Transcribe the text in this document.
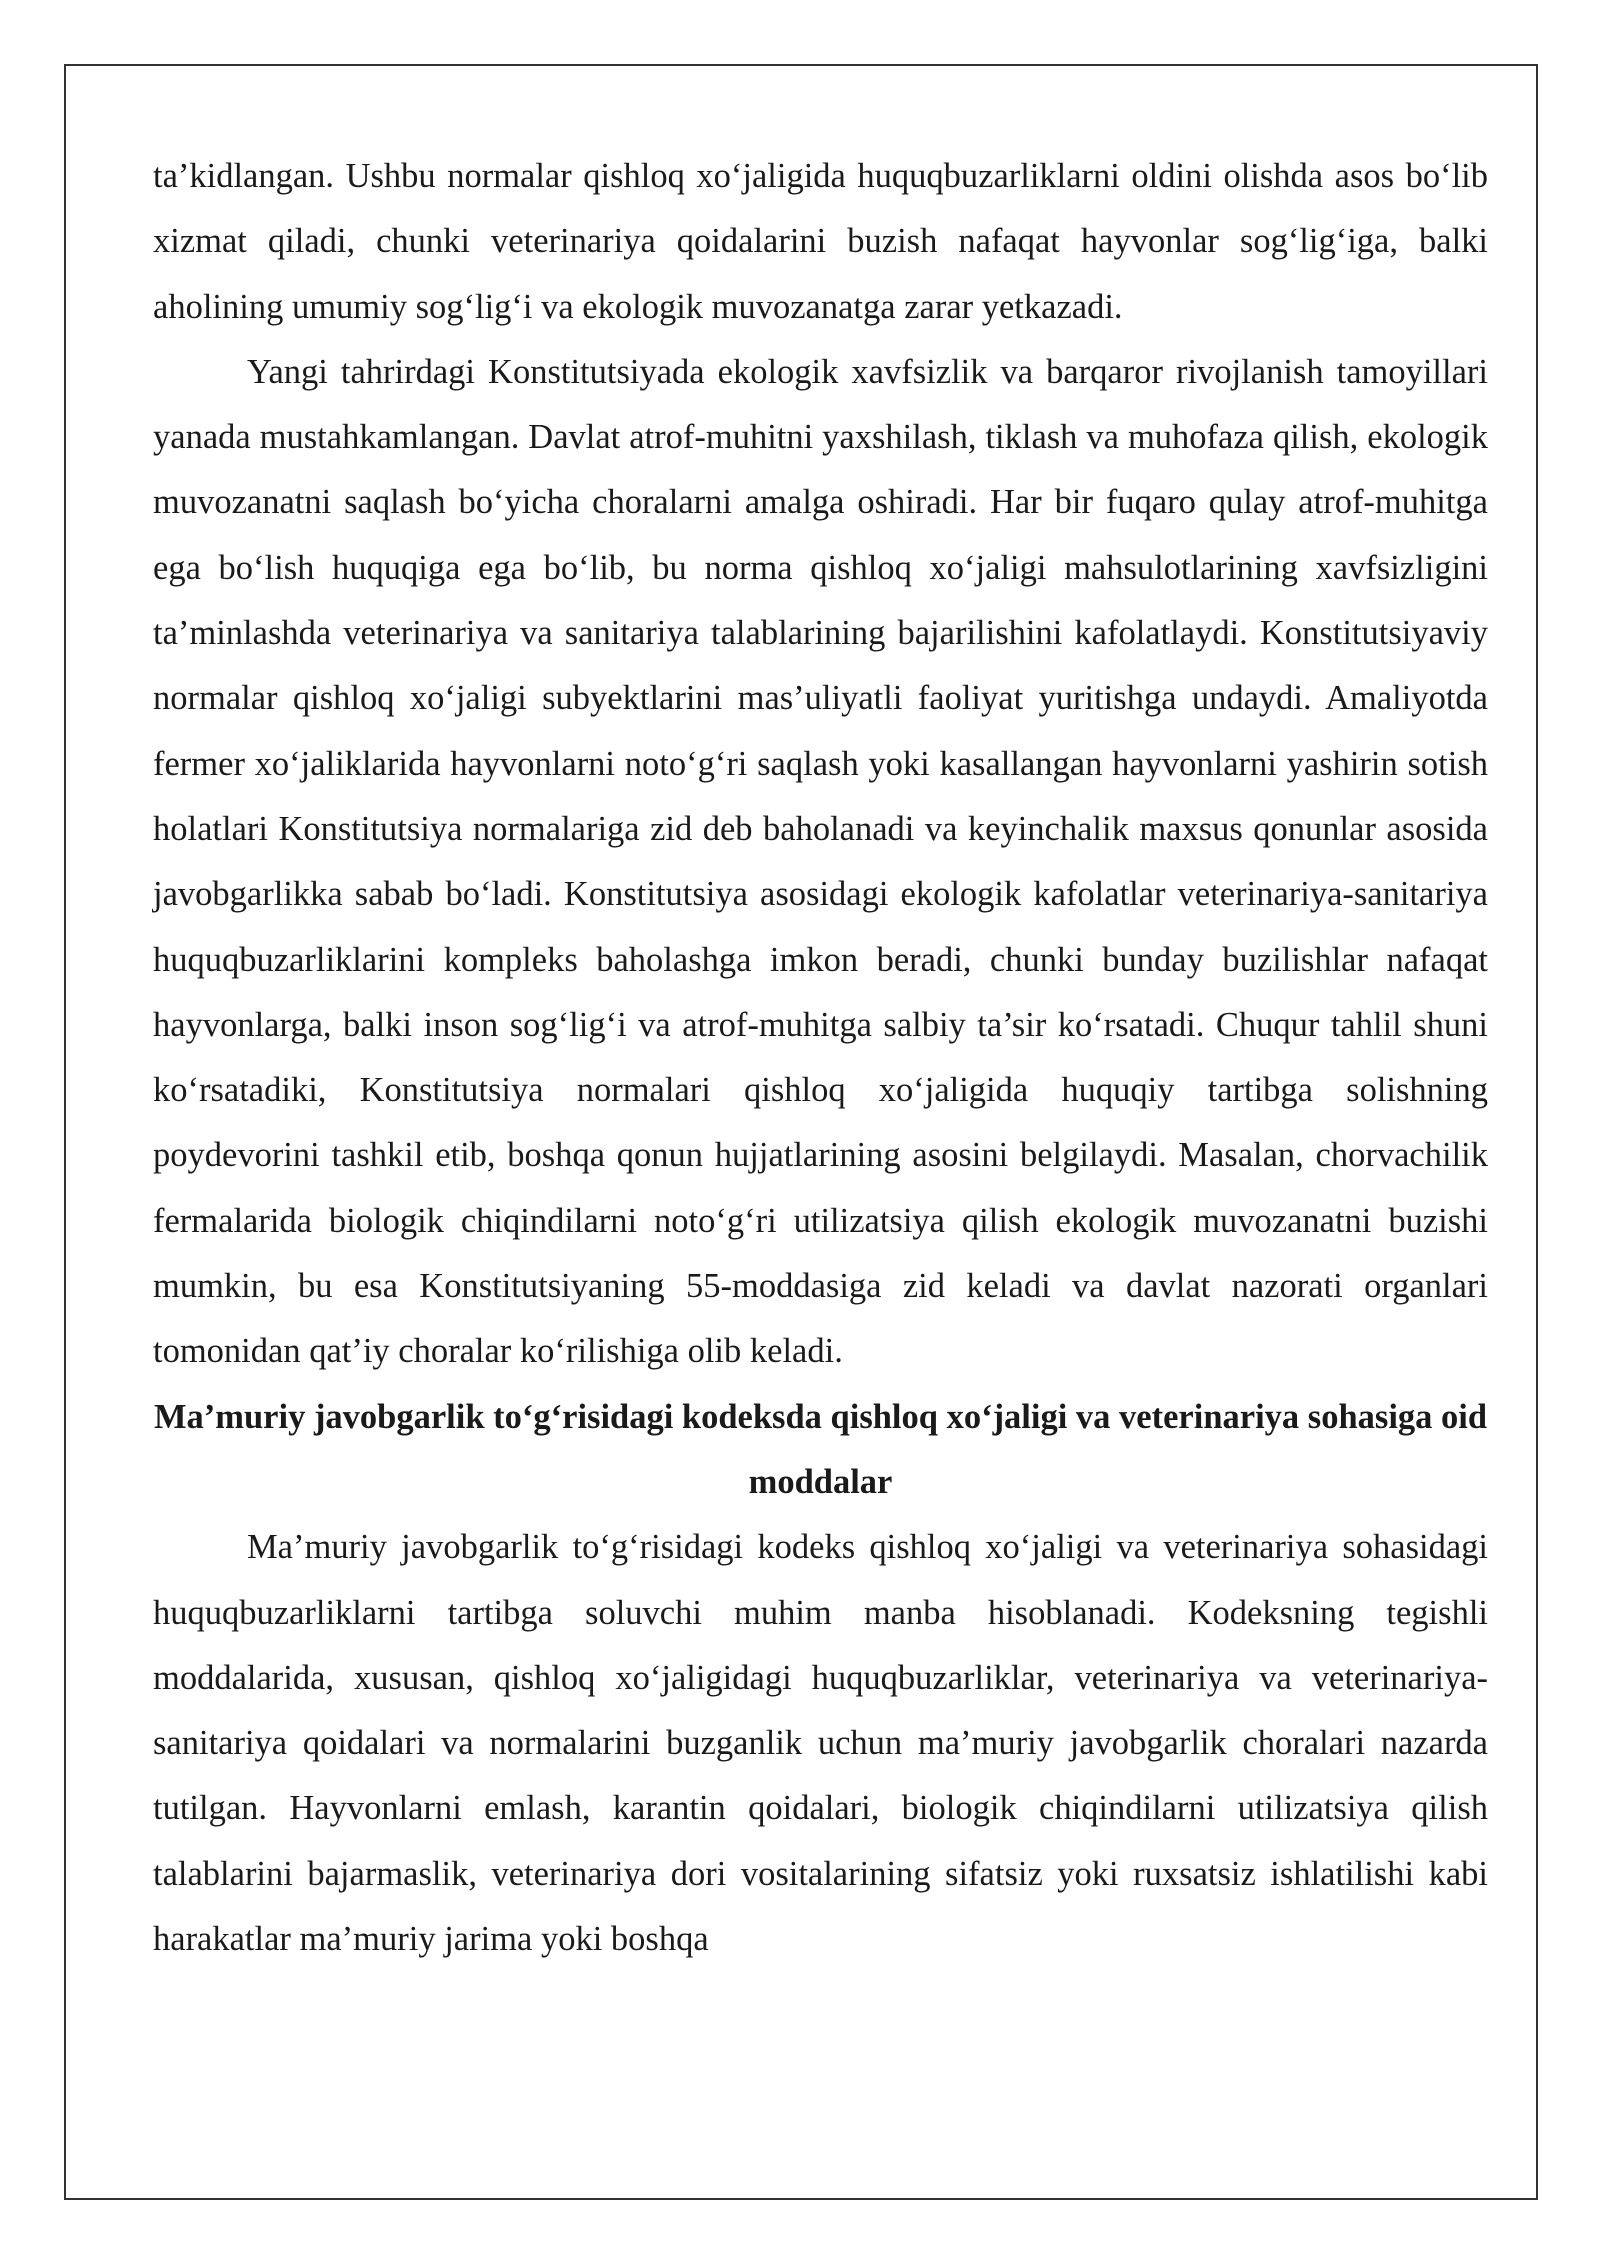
ta’kidlangan. Ushbu normalar qishloq xo‘jaligida huquqbuzarliklarni oldini olishda asos bo‘lib xizmat qiladi, chunki veterinariya qoidalarini buzish nafaqat hayvonlar sog‘lig‘iga, balki aholining umumiy sog‘lig‘i va ekologik muvozanatga zarar yetkazadi.

Yangi tahrirdagi Konstitutsiyada ekologik xavfsizlik va barqaror rivojlanish tamoyillari yanada mustahkamlangan. Davlat atrof-muhitni yaxshilash, tiklash va muhofaza qilish, ekologik muvozanatni saqlash bo‘yicha choralarni amalga oshiradi. Har bir fuqaro qulay atrof-muhitga ega bo‘lish huquqiga ega bo‘lib, bu norma qishloq xo‘jaligi mahsulotlarining xavfsizligini ta’minlashda veterinariya va sanitariya talablarining bajarilishini kafolatlaydi. Konstitutsiyaviy normalar qishloq xo‘jaligi subyektlarini mas’uliyatli faoliyat yuritishga undaydi. Amaliyotda fermer xo‘jaliklarida hayvonlarni noto‘g‘ri saqlash yoki kasallangan hayvonlarni yashirin sotish holatlari Konstitutsiya normalariga zid deb baholanadi va keyinchalik maxsus qonunlar asosida javobgarlikka sabab bo‘ladi. Konstitutsiya asosidagi ekologik kafolatlar veterinariya-sanitariya huquqbuzarliklarini kompleks baholashga imkon beradi, chunki bunday buzilishlar nafaqat hayvonlarga, balki inson sog‘lig‘i va atrof-muhitga salbiy ta’sir ko‘rsatadi. Chuqur tahlil shuni ko‘rsatadiki, Konstitutsiya normalari qishloq xo‘jaligida huquqiy tartibga solishning poydevorini tashkil etib, boshqa qonun hujjatlarining asosini belgilaydi. Masalan, chorvachilik fermalarida biologik chiqindilarni noto‘g‘ri utilizatsiya qilish ekologik muvozanatni buzishi mumkin, bu esa Konstitutsiyaning 55-moddasiga zid keladi va davlat nazorati organlari tomonidan qat’iy choralar ko‘rilishiga olib keladi.

Ma’muriy javobgarlik to‘g‘risidagi kodeksda qishloq xo‘jaligi va veterinariya sohasiga oid moddalar

Ma’muriy javobgarlik to‘g‘risidagi kodeks qishloq xo‘jaligi va veterinariya sohasidagi huquqbuzarliklarni tartibga soluvchi muhim manba hisoblanadi. Kodeksning tegishli moddalarida, xususan, qishloq xo‘jaligidagi huquqbuzarliklar, veterinariya va veterinariya-sanitariya qoidalari va normalarini buzganlik uchun ma’muriy javobgarlik choralari nazarda tutilgan. Hayvonlarni emlash, karantin qoidalari, biologik chiqindilarni utilizatsiya qilish talablarini bajarmaslik, veterinariya dori vositalarining sifatsiz yoki ruxsatsiz ishlatilishi kabi harakatlar ma’muriy jarima yoki boshqa
